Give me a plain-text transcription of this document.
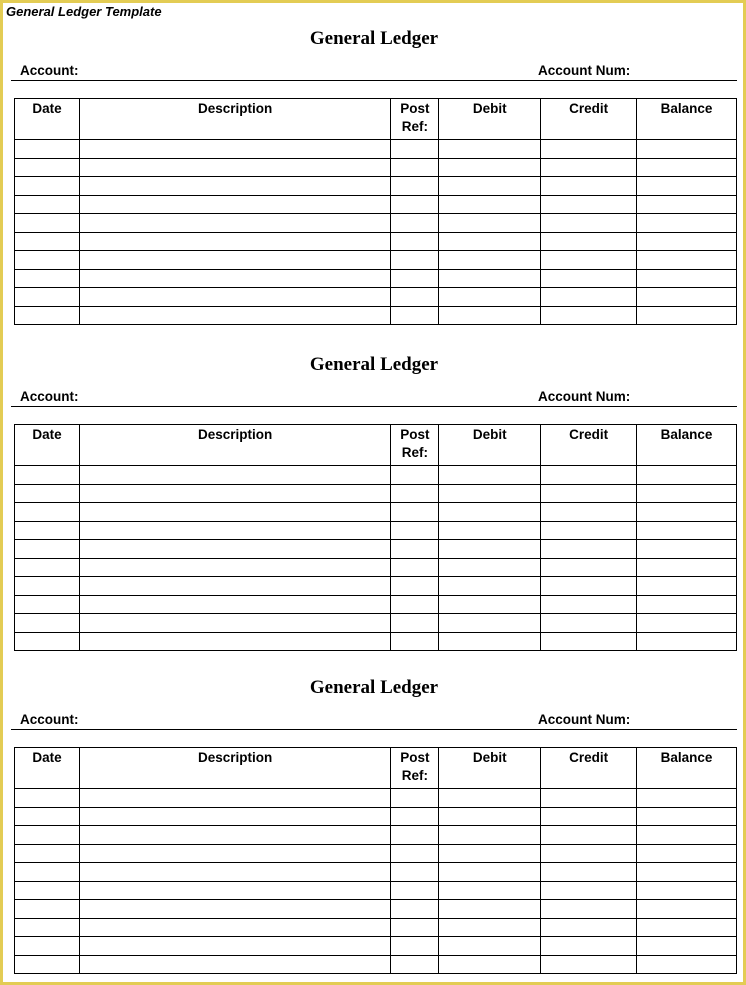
General Ledger Template
General Ledger
Account:	Account Num:
Date	Description	Post Ref:	Debit	Credit	Balance

General Ledger
Account:	Account Num:
Date	Description	Post Ref:	Debit	Credit	Balance

General Ledger
Account:	Account Num:
Date	Description	Post Ref:	Debit	Credit	Balance
